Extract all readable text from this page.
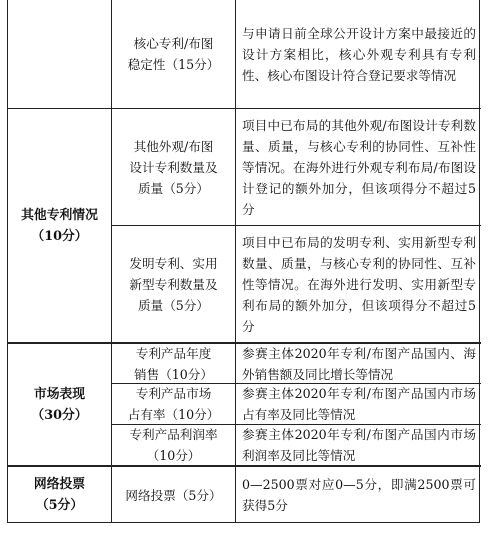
核心专利/布图
稳定性（15分）
与申请日前全球公开设计方案中最接近的设计方案相比，核心外观专利具有专利性、核心布图设计符合登记要求等情况
其他专利情况
（10分）
其他外观/布图
设计专利数量及
质量（5分）
项目中已布局的其他外观/布图设计专利数量、质量，与核心专利的协同性、互补性等情况。在海外进行外观专利布局/布图设计登记的额外加分，但该项得分不超过5分
发明专利、实用
新型专利数量及
质量（5分）
项目中已布局的发明专利、实用新型专利数量、质量，与核心专利的协同性、互补性等情况。在海外进行发明、实用新型专利布局的额外加分，但该项得分不超过5分
市场表现
（30分）
专利产品年度
销售（10分）
参赛主体2020年专利/布图产品国内、海外销售额及同比增长等情况
专利产品市场
占有率（10分）
参赛主体2020年专利/布图产品国内市场占有率及同比等情况
专利产品利润率
（10分）
参赛主体2020年专利/布图产品国内市场利润率及同比等情况
网络投票
（5分）
网络投票（5分）
0—2500票对应0—5分，即满2500票可获得5分
